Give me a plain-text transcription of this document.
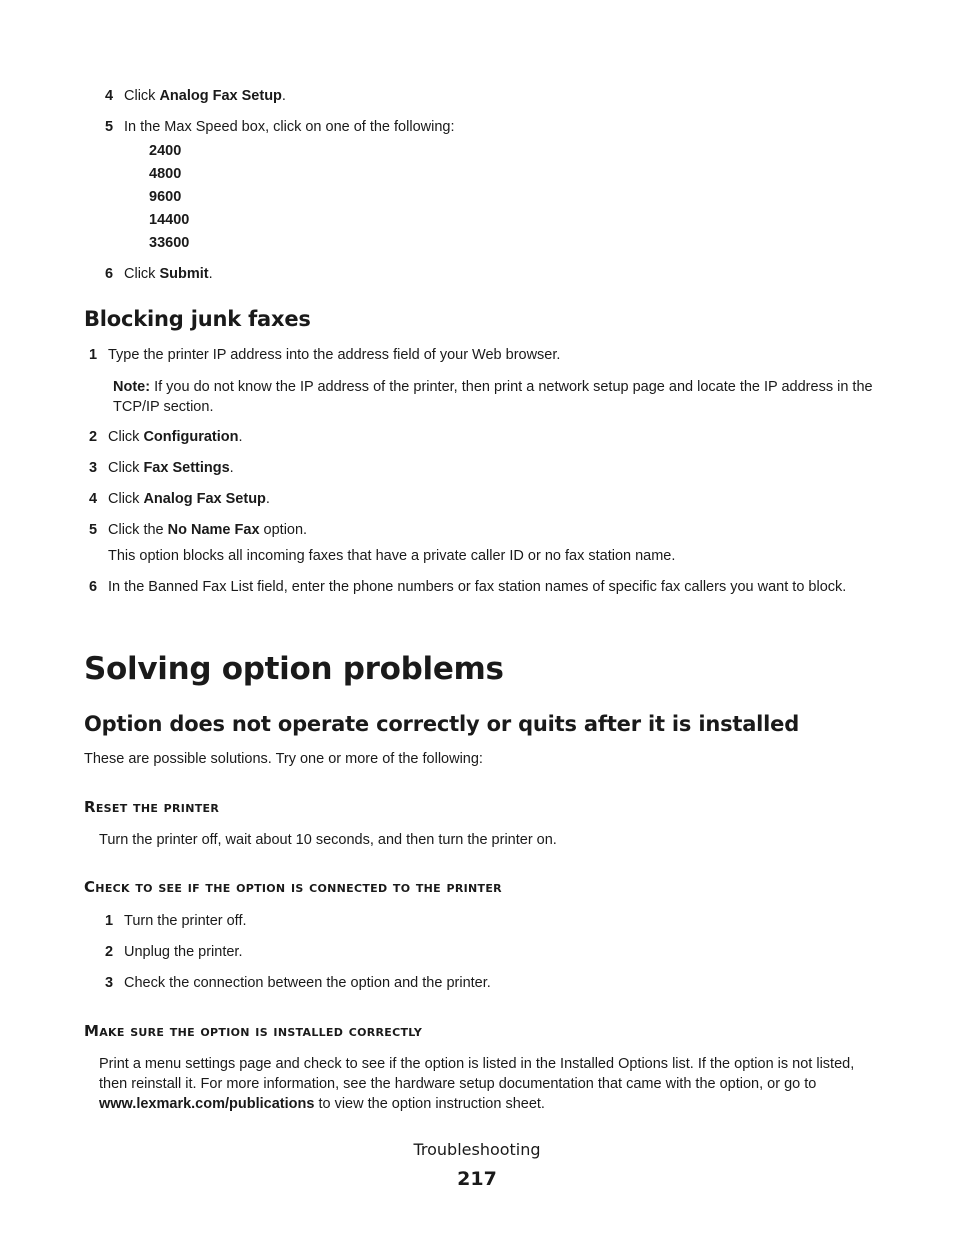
4 Click Analog Fax Setup.
5 In the Max Speed box, click on one of the following:
2400
4800
9600
14400
33600
6 Click Submit.
Blocking junk faxes
1 Type the printer IP address into the address field of your Web browser.
Note: If you do not know the IP address of the printer, then print a network setup page and locate the IP address in the TCP/IP section.
2 Click Configuration.
3 Click Fax Settings.
4 Click Analog Fax Setup.
5 Click the No Name Fax option.
This option blocks all incoming faxes that have a private caller ID or no fax station name.
6 In the Banned Fax List field, enter the phone numbers or fax station names of specific fax callers you want to block.
Solving option problems
Option does not operate correctly or quits after it is installed
These are possible solutions. Try one or more of the following:
Reset the printer
Turn the printer off, wait about 10 seconds, and then turn the printer on.
Check to see if the option is connected to the printer
1 Turn the printer off.
2 Unplug the printer.
3 Check the connection between the option and the printer.
Make sure the option is installed correctly
Print a menu settings page and check to see if the option is listed in the Installed Options list. If the option is not listed, then reinstall it. For more information, see the hardware setup documentation that came with the option, or go to www.lexmark.com/publications to view the option instruction sheet.
Troubleshooting
217
